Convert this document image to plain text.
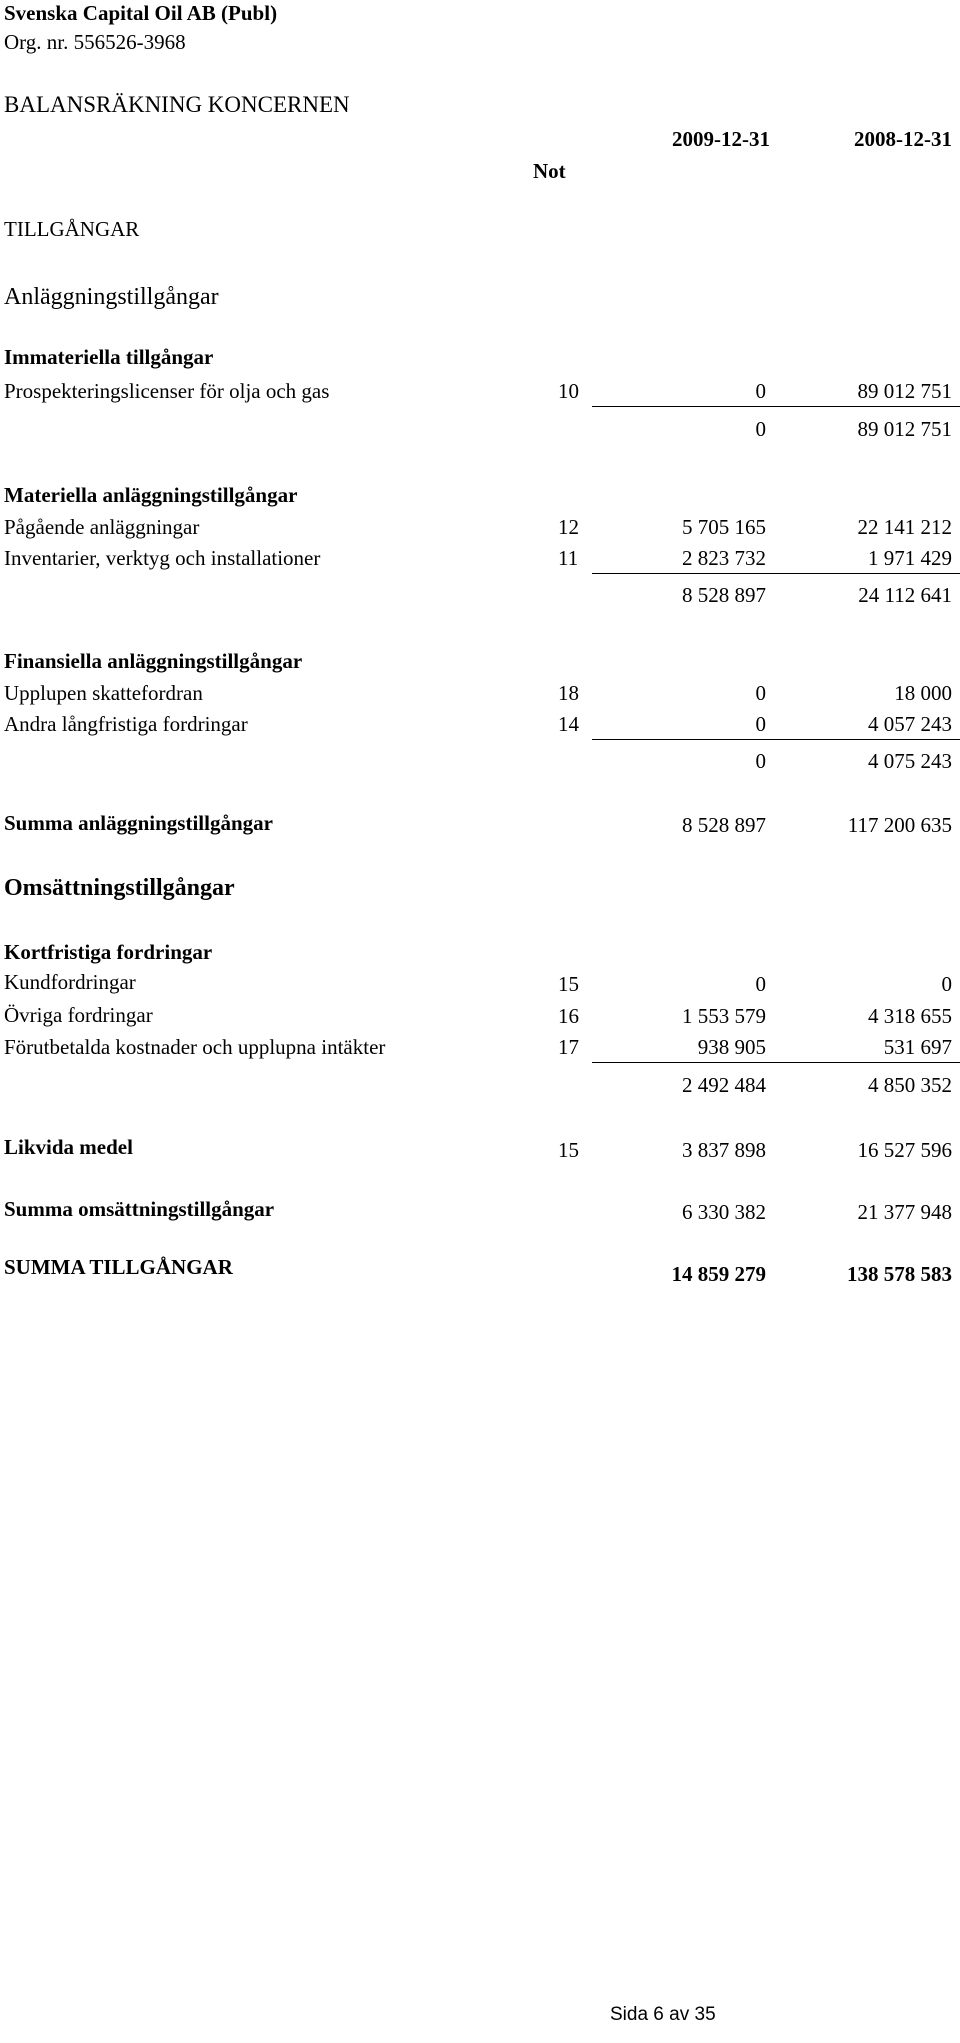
Svenska Capital Oil AB (Publ)
Org. nr. 556526-3968
BALANSRÄKNING KONCERNEN
2009-12-31	2008-12-31
Not
TILLGÅNGAR
Anläggningstillgångar
Immateriella tillgångar
Prospekteringslicenser för olja och gas	10	0	89 012 751
0	89 012 751
Materiella anläggningstillgångar
Pågående anläggningar	12	5 705 165	22 141 212
Inventarier, verktyg och installationer	11	2 823 732	1 971 429
8 528 897	24 112 641
Finansiella anläggningstillgångar
Upplupen skattefordran	18	0	18 000
Andra långfristiga fordringar	14	0	4 057 243
0	4 075 243
Summa anläggningstillgångar	8 528 897	117 200 635
Omsättningstillgångar
Kortfristiga fordringar
Kundfordringar	15	0	0
Övriga fordringar	16	1 553 579	4 318 655
Förutbetalda kostnader och upplupna intäkter	17	938 905	531 697
2 492 484	4 850 352
Likvida medel	15	3 837 898	16 527 596
Summa omsättningstillgångar	6 330 382	21 377 948
SUMMA TILLGÅNGAR	14 859 279	138 578 583
Sida 6 av 35
